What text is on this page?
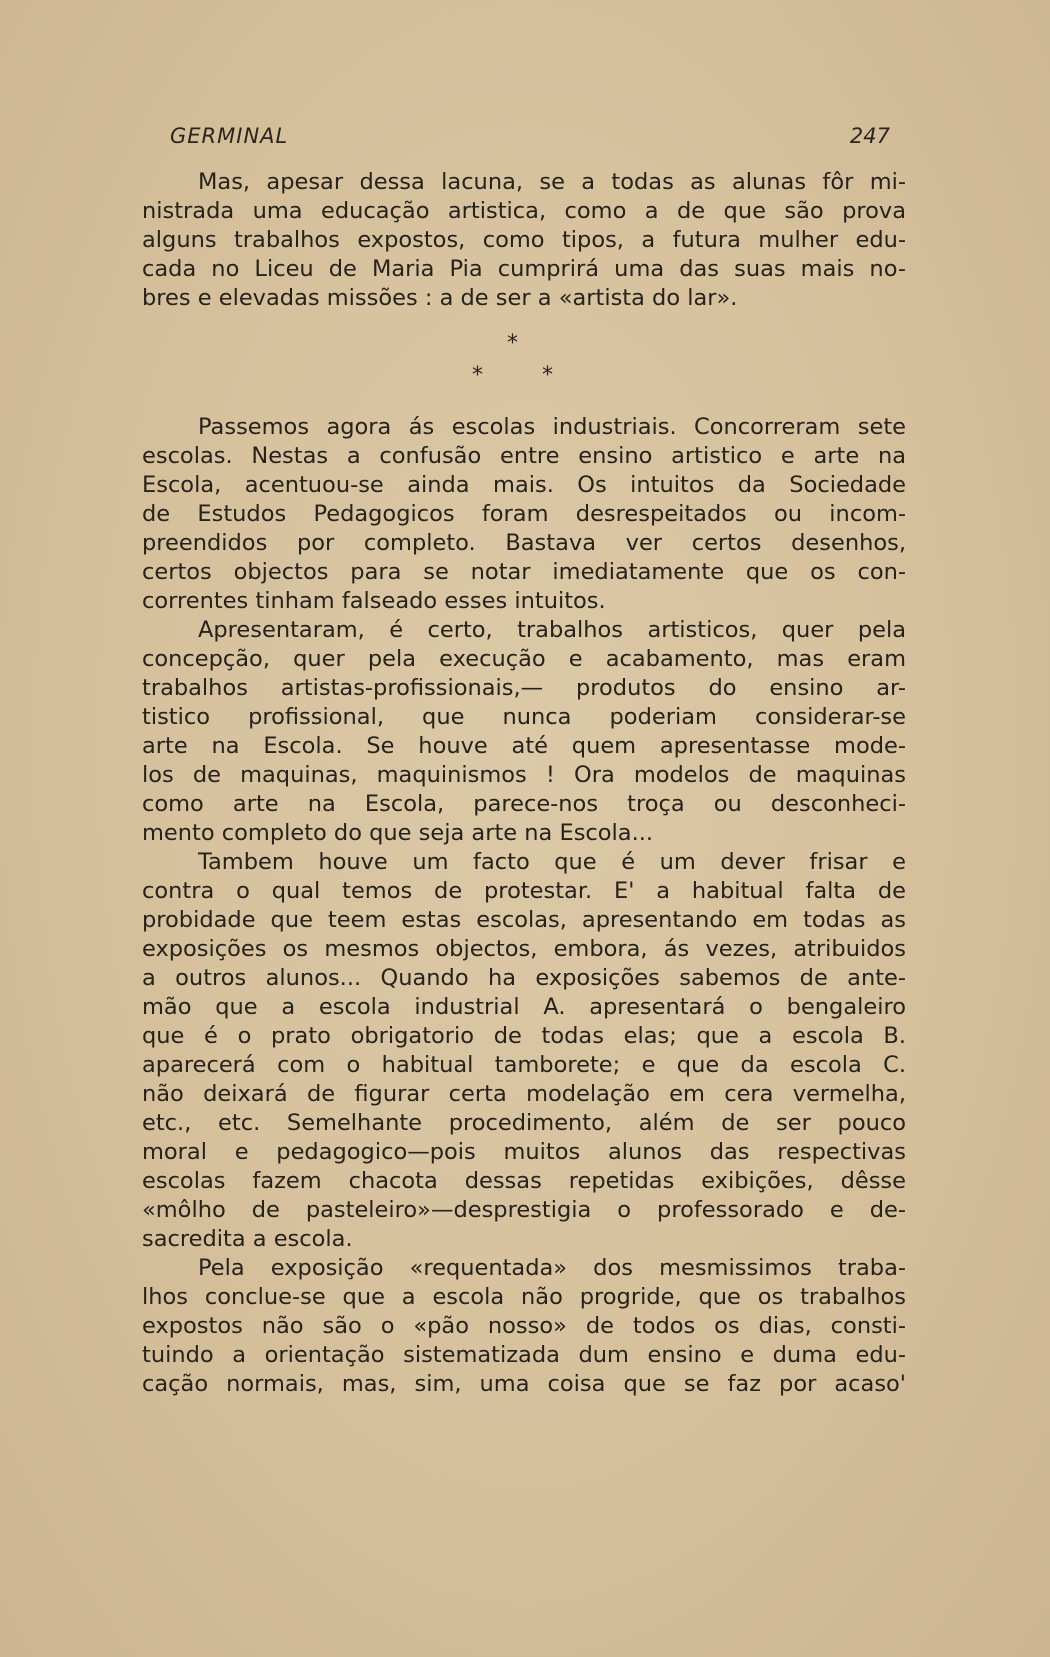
GERMINAL	247
Mas, apesar dessa lacuna, se a todas as alunas fôr mi-
nistrada uma educação artistica, como a de que são prova
alguns trabalhos expostos, como tipos, a futura mulher edu-
cada no Liceu de Maria Pia cumprirá uma das suas mais no-
bres e elevadas missões : a de ser a «artista do lar».
*
*	*
Passemos agora ás escolas industriais. Concorreram sete
escolas. Nestas a confusão entre ensino artistico e arte na
Escola, acentuou-se ainda mais. Os intuitos da Sociedade
de Estudos Pedagogicos foram desrespeitados ou incom-
preendidos por completo. Bastava ver certos desenhos,
certos objectos para se notar imediatamente que os con-
correntes tinham falseado esses intuitos.
Apresentaram, é certo, trabalhos artisticos, quer pela
concepção, quer pela execução e acabamento, mas eram
trabalhos artistas-profissionais,— produtos do ensino ar-
tistico profissional, que nunca poderiam considerar-se
arte na Escola. Se houve até quem apresentasse mode-
los de maquinas, maquinismos ! Ora modelos de maquinas
como arte na Escola, parece-nos troça ou desconheci-
mento completo do que seja arte na Escola...
Tambem houve um facto que é um dever frisar e
contra o qual temos de protestar. E' a habitual falta de
probidade que teem estas escolas, apresentando em todas as
exposições os mesmos objectos, embora, ás vezes, atribuidos
a outros alunos... Quando ha exposições sabemos de ante-
mão que a escola industrial A. apresentará o bengaleiro
que é o prato obrigatorio de todas elas; que a escola B.
aparecerá com o habitual tamborete; e que da escola C.
não deixará de figurar certa modelação em cera vermelha,
etc., etc. Semelhante procedimento, além de ser pouco
moral e pedagogico—pois muitos alunos das respectivas
escolas fazem chacota dessas repetidas exibições, dêsse
«môlho de pasteleiro»—desprestigia o professorado e de-
sacredita a escola.
Pela exposição «requentada» dos mesmissimos traba-
lhos conclue-se que a escola não progride, que os trabalhos
expostos não são o «pão nosso» de todos os dias, consti-
tuindo a orientação sistematizada dum ensino e duma edu-
cação normais, mas, sim, uma coisa que se faz por acaso'
